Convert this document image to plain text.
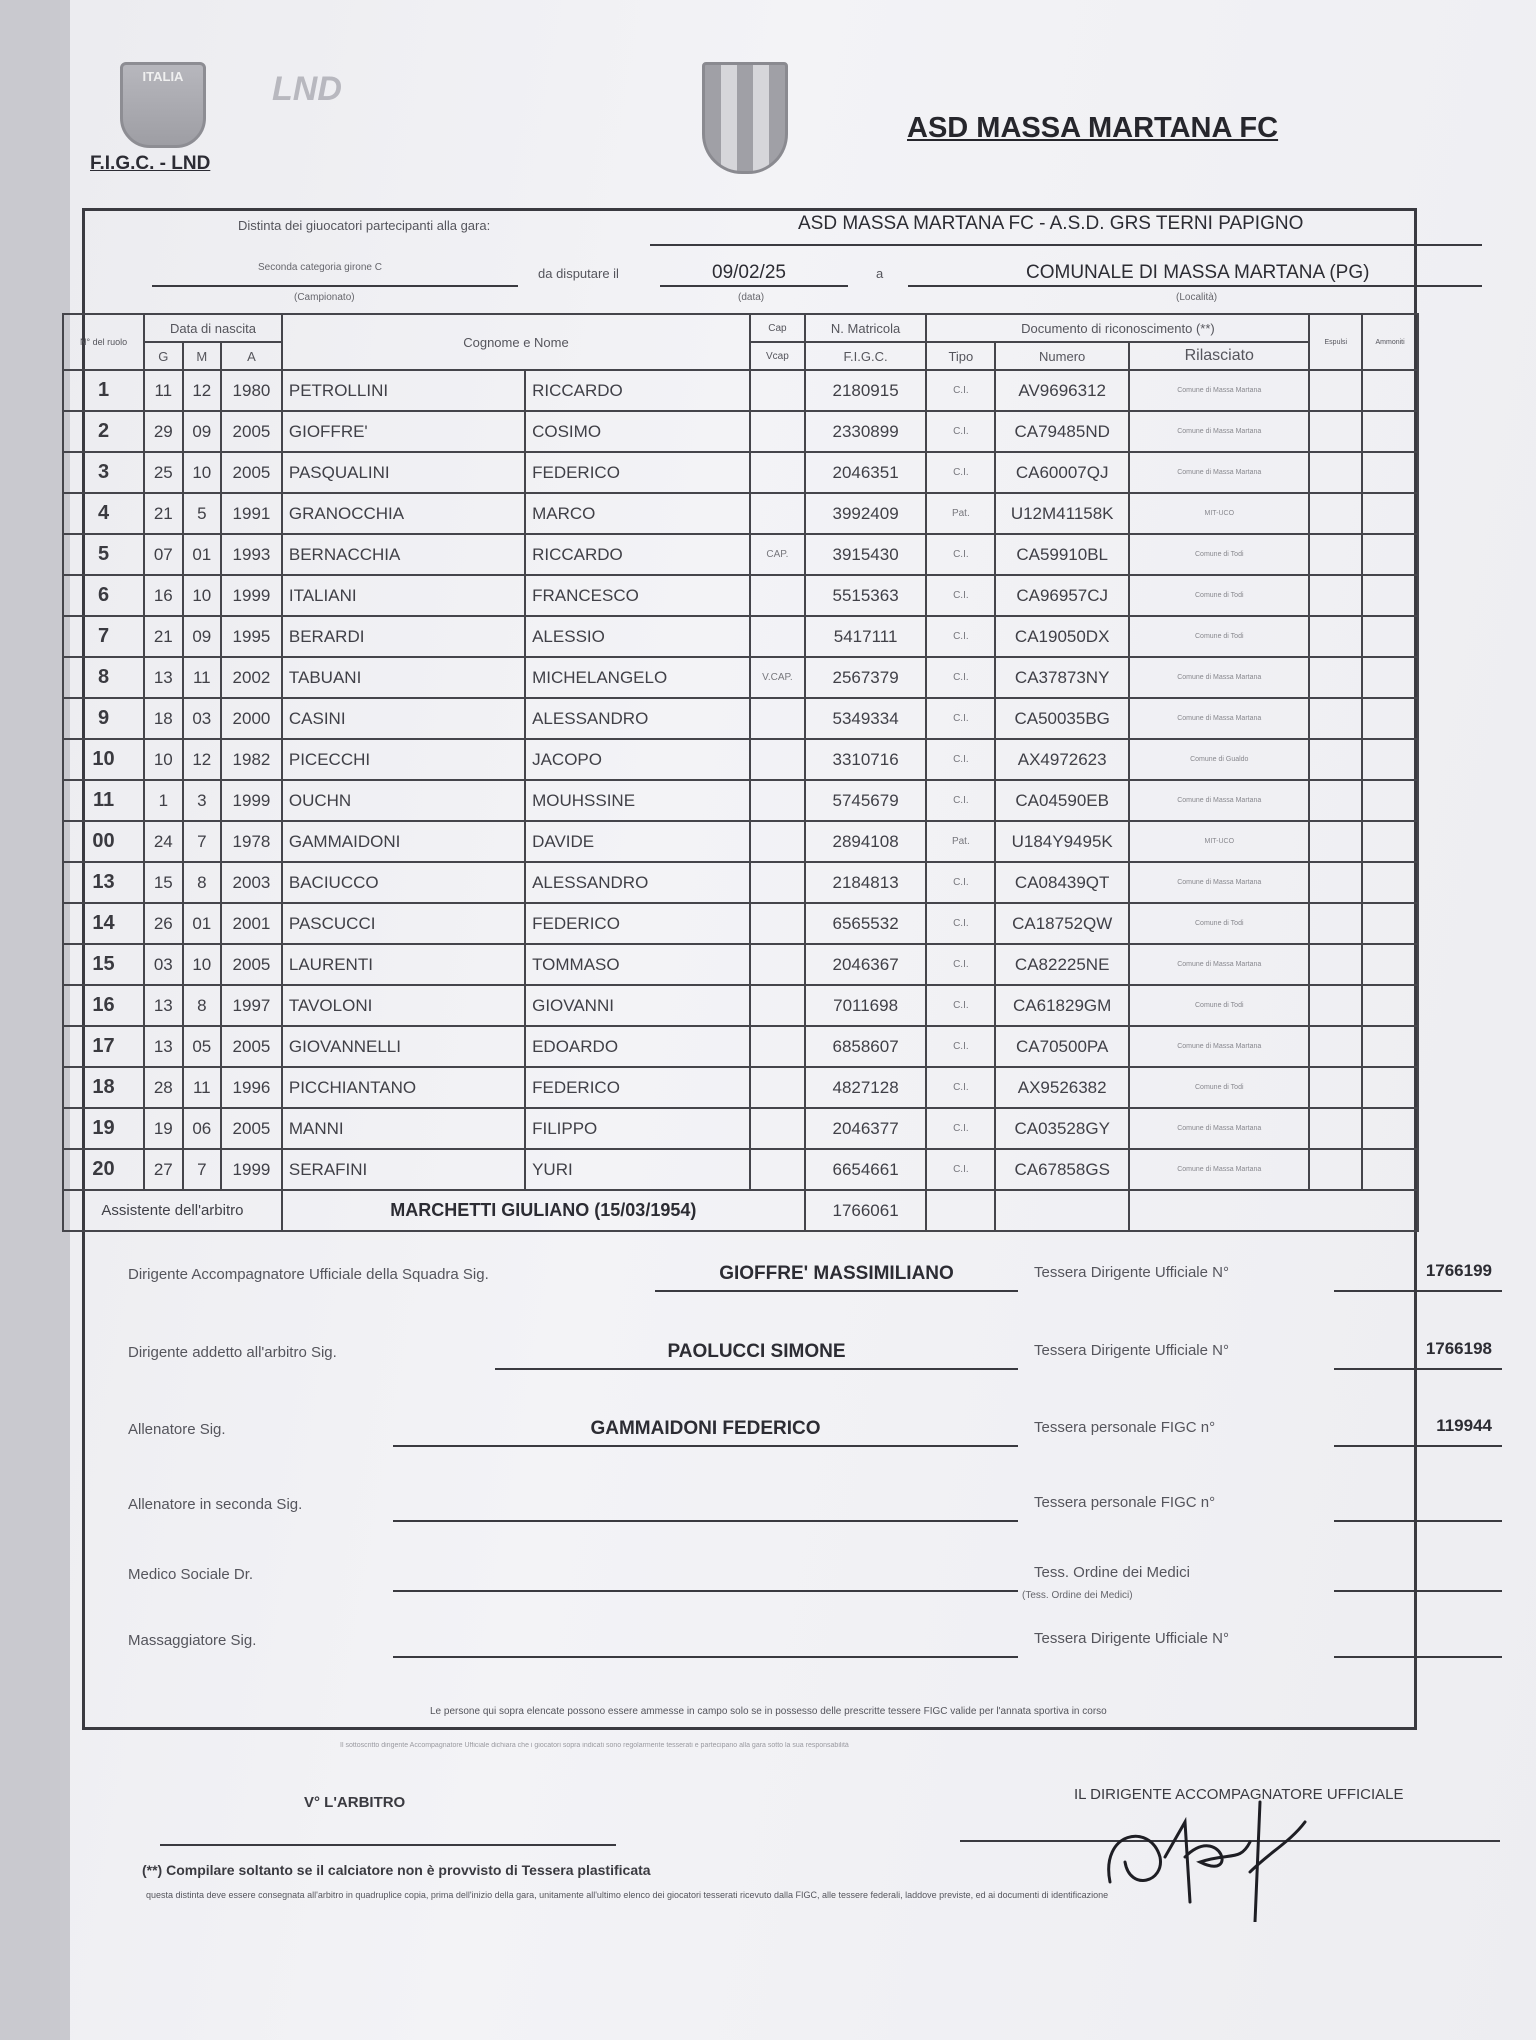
ITALIA	LND
F.I.G.C. - LND
ASD MASSA MARTANA FC
Distinta dei giuocatori partecipanti alla gara:	ASD MASSA MARTANA FC - A.S.D. GRS TERNI PAPIGNO
Seconda categoria girone C
(Campionato)
da disputare il	09/02/25
(data)
a	COMUNALE DI MASSA MARTANA (PG)
(Località)
N° del ruolo	Data di nascita			Cognome e Nome		Cap	N. Matricola	Documento di riconoscimento (**)			Espulsi	Ammoniti
	G	M	A			Vcap	F.I.G.C.	Tipo	Numero	Rilasciato		
1	11	12	1980	PETROLLINI	RICCARDO		2180915	C.I.	AV9696312	Comune di Massa Martana		
2	29	09	2005	GIOFFRE'	COSIMO		2330899	C.I.	CA79485ND	Comune di Massa Martana		
3	25	10	2005	PASQUALINI	FEDERICO		2046351	C.I.	CA60007QJ	Comune di Massa Martana		
4	21	5	1991	GRANOCCHIA	MARCO		3992409	Pat.	U12M41158K	MIT-UCO		
5	07	01	1993	BERNACCHIA	RICCARDO	CAP.	3915430	C.I.	CA59910BL	Comune di Todi		
6	16	10	1999	ITALIANI	FRANCESCO		5515363	C.I.	CA96957CJ	Comune di Todi		
7	21	09	1995	BERARDI	ALESSIO		5417111	C.I.	CA19050DX	Comune di Todi		
8	13	11	2002	TABUANI	MICHELANGELO	V.CAP.	2567379	C.I.	CA37873NY	Comune di Massa Martana		
9	18	03	2000	CASINI	ALESSANDRO		5349334	C.I.	CA50035BG	Comune di Massa Martana		
10	10	12	1982	PICECCHI	JACOPO		3310716	C.I.	AX4972623	Comune di Gualdo		
11	1	3	1999	OUCHN	MOUHSSINE		5745679	C.I.	CA04590EB	Comune di Massa Martana		
00	24	7	1978	GAMMAIDONI	DAVIDE		2894108	Pat.	U184Y9495K	MIT-UCO		
13	15	8	2003	BACIUCCO	ALESSANDRO		2184813	C.I.	CA08439QT	Comune di Massa Martana		
14	26	01	2001	PASCUCCI	FEDERICO		6565532	C.I.	CA18752QW	Comune di Todi		
15	03	10	2005	LAURENTI	TOMMASO		2046367	C.I.	CA82225NE	Comune di Massa Martana		
16	13	8	1997	TAVOLONI	GIOVANNI		7011698	C.I.	CA61829GM	Comune di Todi		
17	13	05	2005	GIOVANNELLI	EDOARDO		6858607	C.I.	CA70500PA	Comune di Massa Martana		
18	28	11	1996	PICCHIANTANO	FEDERICO		4827128	C.I.	AX9526382	Comune di Todi		
19	19	06	2005	MANNI	FILIPPO		2046377	C.I.	CA03528GY	Comune di Massa Martana		
20	27	7	1999	SERAFINI	YURI		6654661	C.I.	CA67858GS	Comune di Massa Martana		
Assistente dell'arbitro				MARCHETTI GIULIANO (15/03/1954)			1766061					
Dirigente Accompagnatore Ufficiale della Squadra Sig.	GIOFFRE' MASSIMILIANO	Tessera Dirigente Ufficiale N°	1766199
Dirigente addetto all'arbitro Sig.	PAOLUCCI SIMONE	Tessera Dirigente Ufficiale N°	1766198
Allenatore Sig.	GAMMAIDONI FEDERICO	Tessera personale FIGC n°	119944
Allenatore in seconda Sig.	Tessera personale FIGC n°
Medico Sociale Dr.	Tess. Ordine dei Medici
(Tess. Ordine dei Medici)
Massaggiatore Sig.	Tessera Dirigente Ufficiale N°
Le persone qui sopra elencate possono essere ammesse in campo solo se in possesso delle prescritte tessere FIGC valide per l'annata sportiva in corso
Il sottoscritto dirigente Accompagnatore Ufficiale dichiara che i giocatori sopra indicati sono regolarmente tesserati e partecipano alla gara sotto la sua responsabilità
V° L'ARBITRO	IL DIRIGENTE ACCOMPAGNATORE UFFICIALE
(**) Compilare soltanto se il calciatore non è provvisto di Tessera plastificata
questa distinta deve essere consegnata all'arbitro in quadruplice copia, prima dell'inizio della gara, unitamente all'ultimo elenco dei giocatori tesserati ricevuto dalla FIGC, alle tessere federali, laddove previste, ed ai documenti di identificazione
